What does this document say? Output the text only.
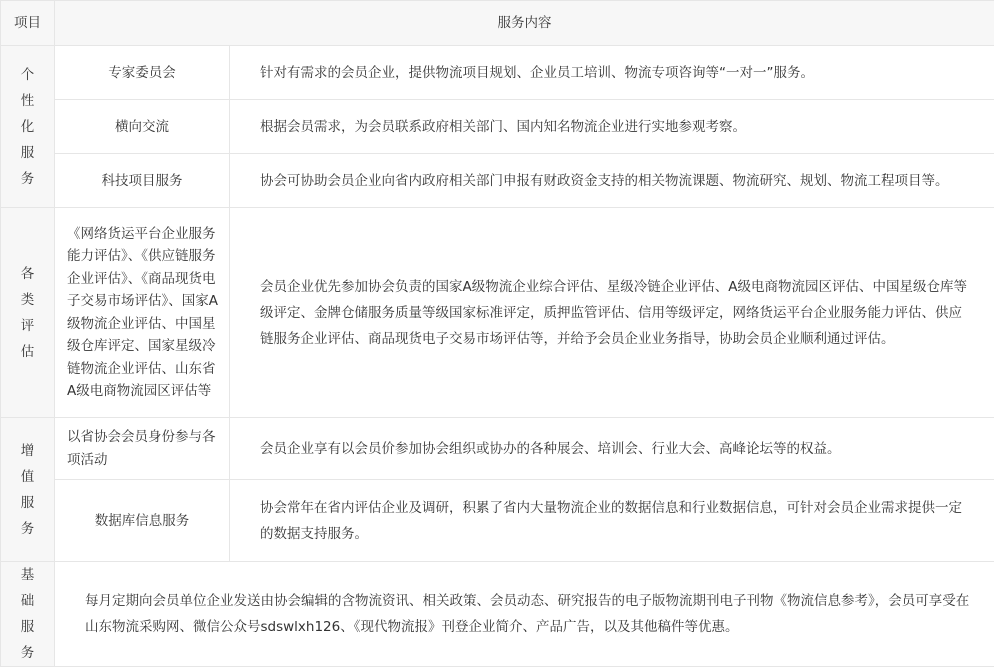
项目	服务内容	
个性化服务	专家委员会	针对有需求的会员企业，提供物流项目规划、企业员工培训、物流专项咨询等“一对一”服务。
	横向交流	根据会员需求，为会员联系政府相关部门、国内知名物流企业进行实地参观考察。
	科技项目服务	协会可协助会员企业向省内政府相关部门申报有财政资金支持的相关物流课题、物流研究、规划、物流工程项目等。
各类评估	《网络货运平台企业服务能力评估》、《供应链服务企业评估》、《商品现货电子交易市场评估》、国家A级物流企业评估、中国星级仓库评定、国家星级冷链物流企业评估、山东省A级电商物流园区评估等	会员企业优先参加协会负责的国家A级物流企业综合评估、星级冷链企业评估、A级电商物流园区评估、中国星级仓库等级评定、金牌仓储服务质量等级国家标准评定，质押监管评估、信用等级评定，网络货运平台企业服务能力评估、供应链服务企业评估、商品现货电子交易市场评估等，并给予会员企业业务指导，协助会员企业顺利通过评估。
增值服务	以省协会会员身份参与各项活动	会员企业享有以会员价参加协会组织或协办的各种展会、培训会、行业大会、高峰论坛等的权益。
	数据库信息服务	协会常年在省内评估企业及调研，积累了省内大量物流企业的数据信息和行业数据信息，可针对会员企业需求提供一定的数据支持服务。
基础服务	每月定期向会员单位企业发送由协会编辑的含物流资讯、相关政策、会员动态、研究报告的电子版物流期刊电子刊物《物流信息参考》，会员可享受在山东物流采购网、微信公众号sdswlxh126、《现代物流报》刊登企业简介、产品广告，以及其他稿件等优惠。	
